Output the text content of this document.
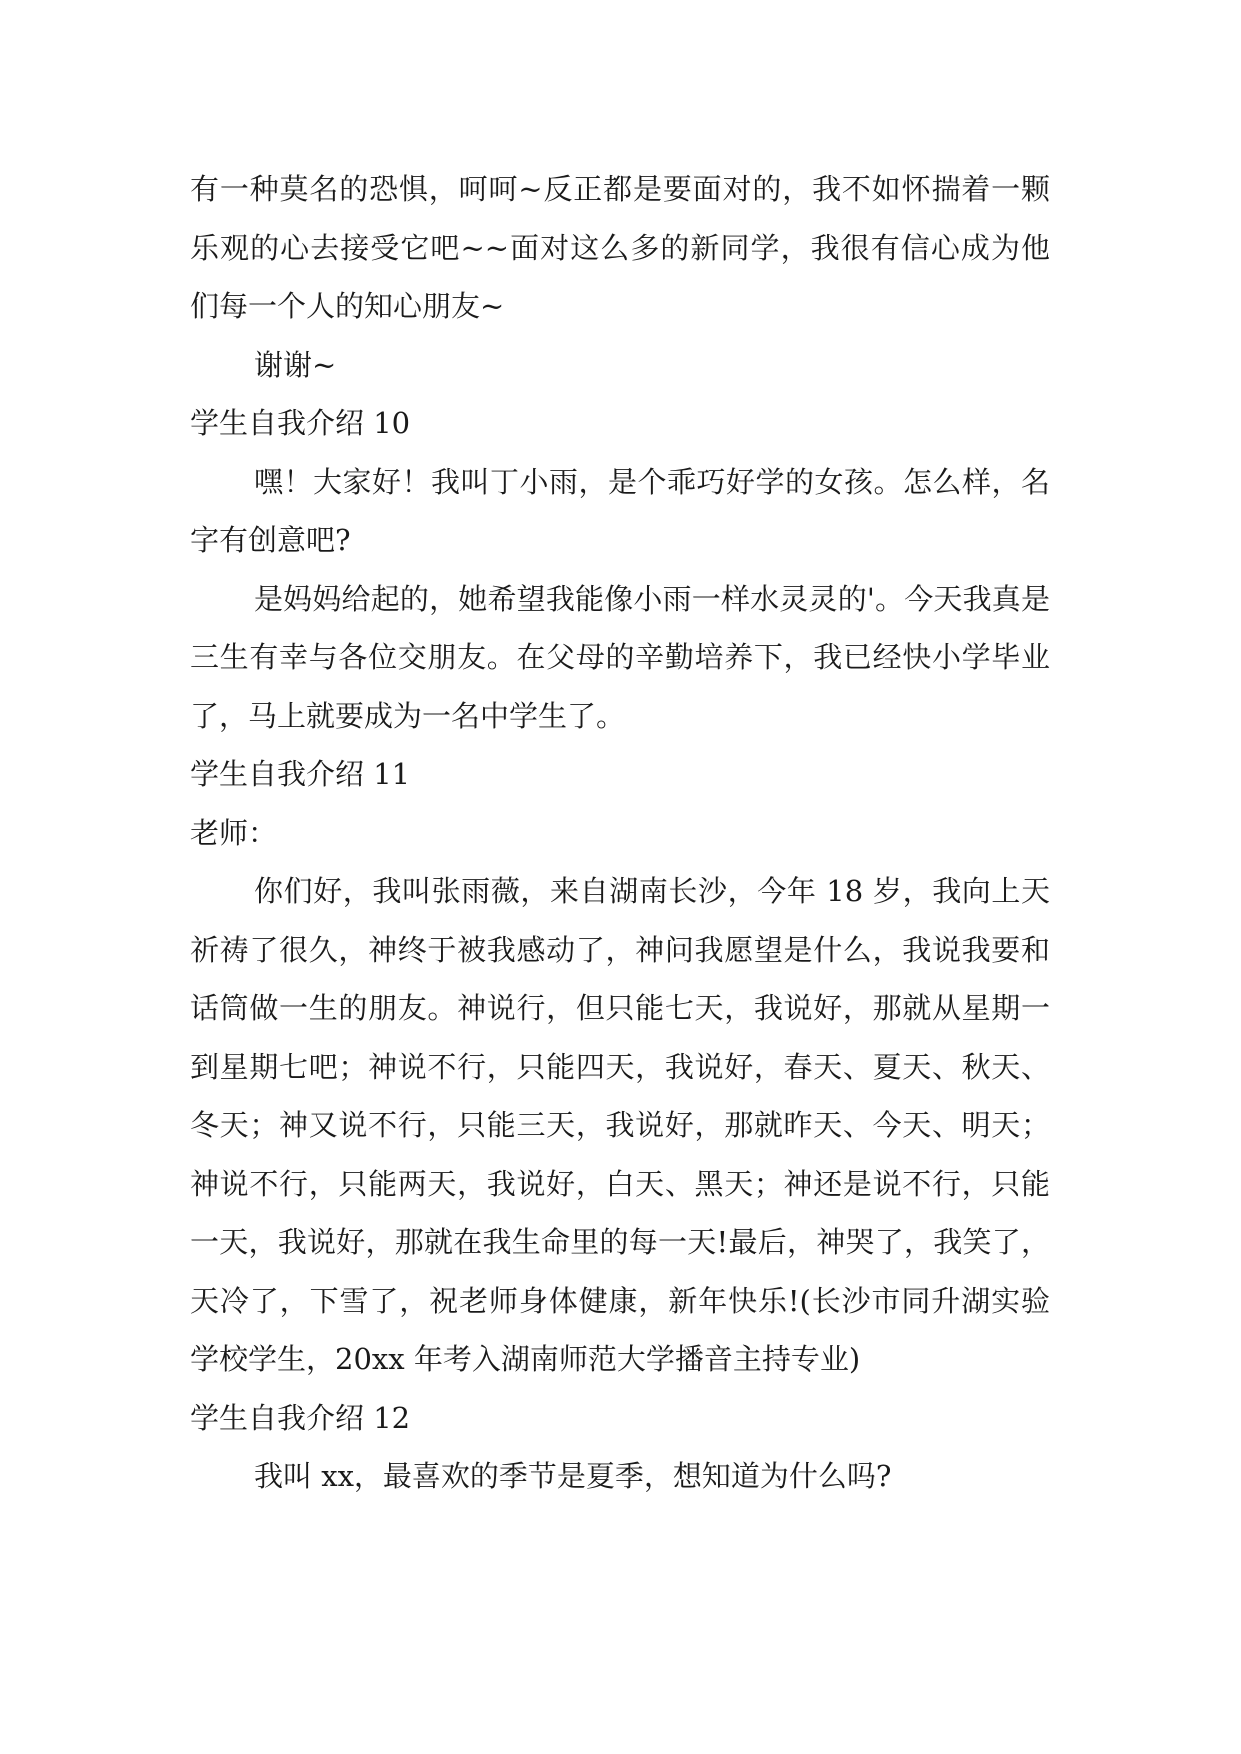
有一种莫名的恐惧，呵呵~反正都是要面对的，我不如怀揣着一颗乐观的心去接受它吧~~面对这么多的新同学，我很有信心成为他们每一个人的知心朋友~

谢谢~

学生自我介绍 10

嘿！大家好！我叫丁小雨，是个乖巧好学的女孩。怎么样，名字有创意吧?

是妈妈给起的，她希望我能像小雨一样水灵灵的'。今天我真是三生有幸与各位交朋友。在父母的辛勤培养下，我已经快小学毕业了，马上就要成为一名中学生了。

学生自我介绍 11

老师：

你们好，我叫张雨薇，来自湖南长沙，今年 18 岁，我向上天祈祷了很久，神终于被我感动了，神问我愿望是什么，我说我要和话筒做一生的朋友。神说行，但只能七天，我说好，那就从星期一到星期七吧；神说不行，只能四天，我说好，春天、夏天、秋天、冬天；神又说不行，只能三天，我说好，那就昨天、今天、明天；神说不行，只能两天，我说好，白天、黑天；神还是说不行，只能一天，我说好，那就在我生命里的每一天!最后，神哭了，我笑了，天冷了，下雪了，祝老师身体健康，新年快乐!(长沙市同升湖实验学校学生，20xx 年考入湖南师范大学播音主持专业)

学生自我介绍 12

我叫 xx，最喜欢的季节是夏季，想知道为什么吗?
